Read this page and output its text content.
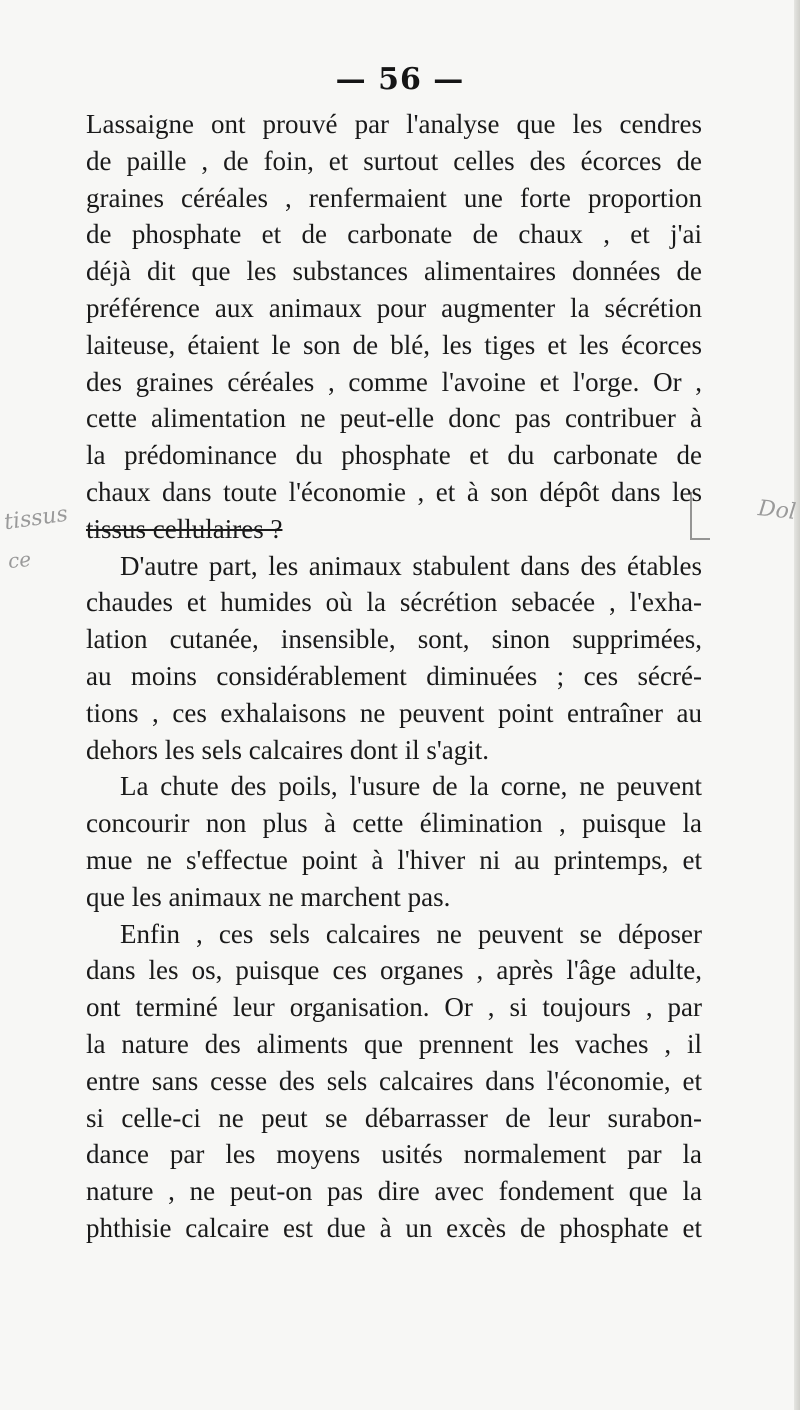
— 56 —
tissus
ce
Dol
Lassaigne ont prouvé par l'analyse que les cendres
de paille , de foin, et surtout celles des écorces de
graines céréales , renfermaient une forte proportion
de phosphate et de carbonate de chaux , et j'ai
déjà dit que les substances alimentaires données de
préférence aux animaux pour augmenter la sécrétion
laiteuse, étaient le son de blé, les tiges et les écorces
des graines céréales , comme l'avoine et l'orge. Or ,
cette alimentation ne peut-elle donc pas contribuer à
la prédominance du phosphate et du carbonate de
chaux dans toute l'économie , et à son dépôt dans les
tissus cellulaires ?
D'autre part, les animaux stabulent dans des étables
chaudes et humides où la sécrétion sebacée , l'exha-
lation cutanée, insensible, sont, sinon supprimées,
au moins considérablement diminuées ; ces sécré-
tions , ces exhalaisons ne peuvent point entraîner au
dehors les sels calcaires dont il s'agit.
La chute des poils, l'usure de la corne, ne peuvent
concourir non plus à cette élimination , puisque la
mue ne s'effectue point à l'hiver ni au printemps, et
que les animaux ne marchent pas.
Enfin , ces sels calcaires ne peuvent se déposer
dans les os, puisque ces organes , après l'âge adulte,
ont terminé leur organisation. Or , si toujours , par
la nature des aliments que prennent les vaches , il
entre sans cesse des sels calcaires dans l'économie, et
si celle-ci ne peut se débarrasser de leur surabon-
dance par les moyens usités normalement par la
nature , ne peut-on pas dire avec fondement que la
phthisie calcaire est due à un excès de phosphate et
